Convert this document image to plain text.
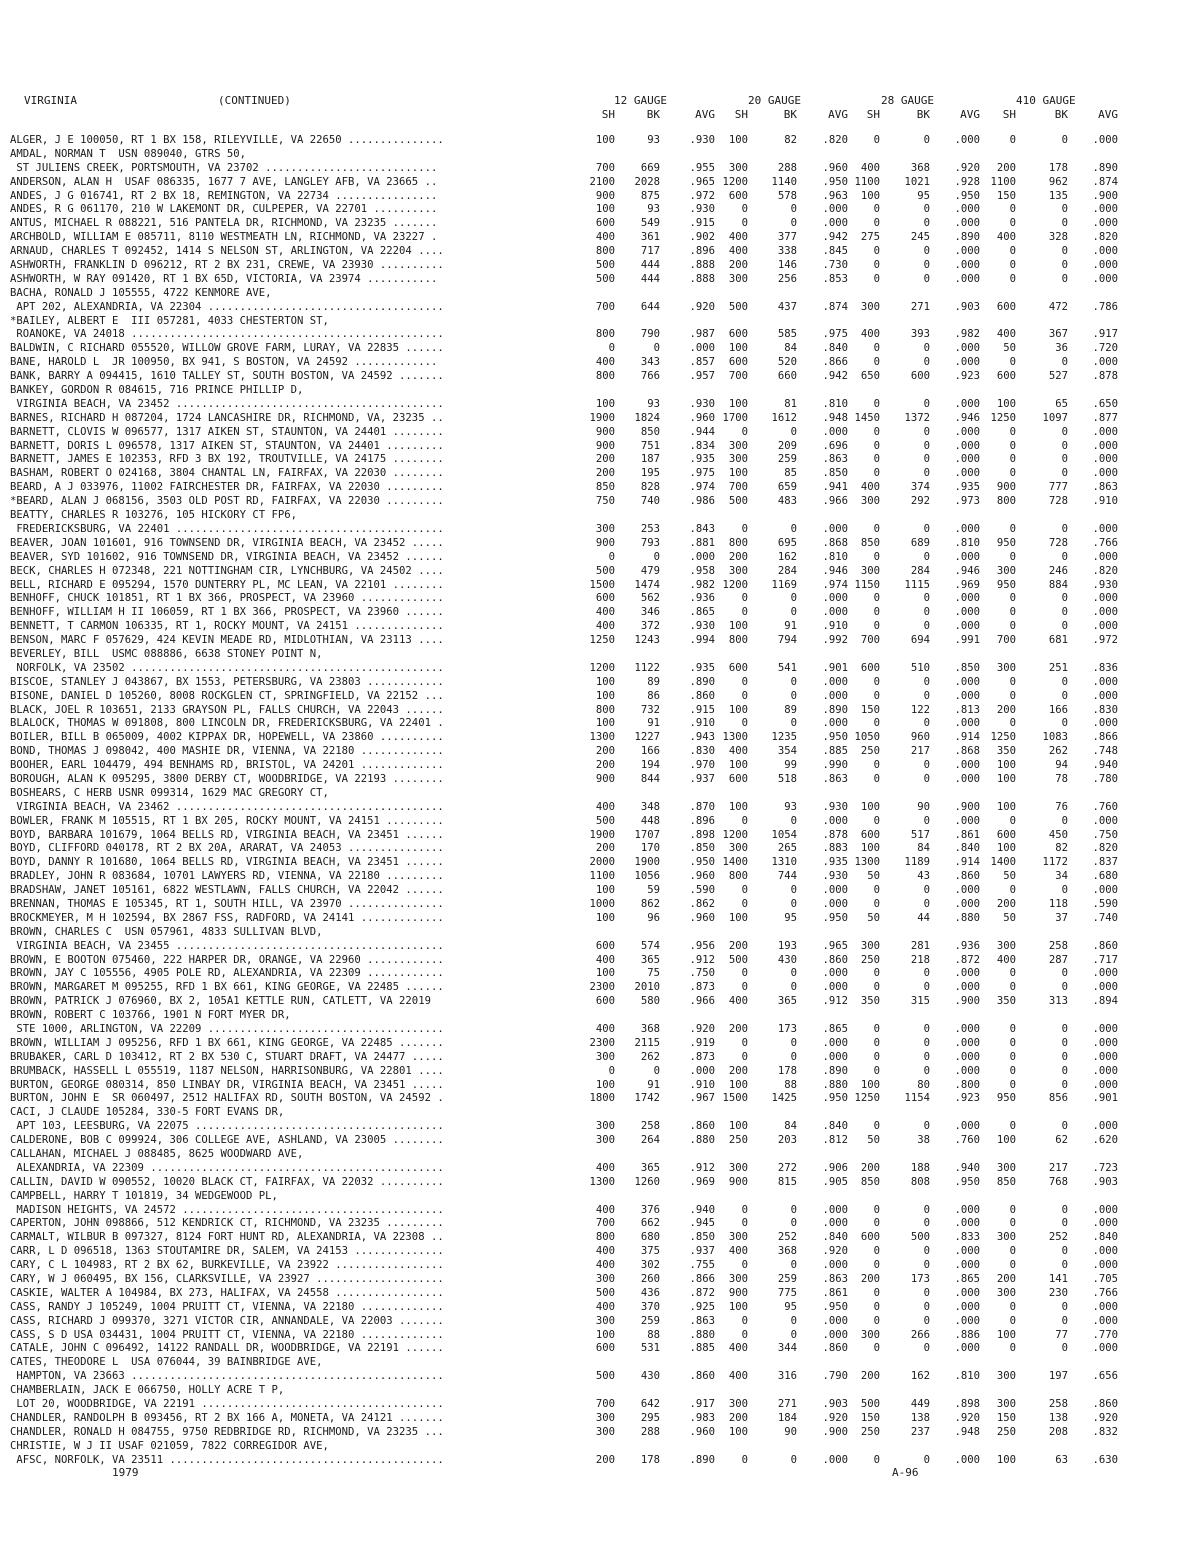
VIRGINIA	(CONTINUED)	12 GAUGE	20 GAUGE	28 GAUGE	410 GAUGE
SH	BK	AVG	SH	BK	AVG	SH	BK	AVG	SH	BK	AVG
ALGER, J E 100050, RT 1 BX 158, RILEYVILLE, VA 22650 ...............	100	93	.930	100	82	.820	0	0	.000	0	0	.000
AMDAL, NORMAN T  USN 089040, GTRS 50,
ST JULIENS CREEK, PORTSMOUTH, VA 23702 ...........................	700	669	.955	300	288	.960	400	368	.920	200	178	.890
ANDERSON, ALAN H  USAF 086335, 1677 7 AVE, LANGLEY AFB, VA 23665 ..	2100	2028	.965 1200	1140	.950 1100	1021	.928 1100	962	.874
ANDES, J G 016741, RT 2 BX 18, REMINGTON, VA 22734 ................	900	875	.972	600	578	.963	100	95	.950	150	135	.900
ANDES, R G 061170, 210 W LAKEMONT DR, CULPEPER, VA 22701 ..........	100	93	.930	0	0	.000	0	0	.000	0	0	.000
ANTUS, MICHAEL R 088221, 516 PANTELA DR, RICHMOND, VA 23235 .......	600	549	.915	0	0	.000	0	0	.000	0	0	.000
ARCHBOLD, WILLIAM E 085711, 8110 WESTMEATH LN, RICHMOND, VA 23227 .	400	361	.902	400	377	.942	275	245	.890	400	328	.820
ARNAUD, CHARLES T 092452, 1414 S NELSON ST, ARLINGTON, VA 22204 ....	800	717	.896	400	338	.845	0	0	.000	0	0	.000
ASHWORTH, FRANKLIN D 096212, RT 2 BX 231, CREWE, VA 23930 ..........	500	444	.888	200	146	.730	0	0	.000	0	0	.000
ASHWORTH, W RAY 091420, RT 1 BX 65D, VICTORIA, VA 23974 ...........	500	444	.888	300	256	.853	0	0	.000	0	0	.000
BACHA, RONALD J 105555, 4722 KENMORE AVE,
APT 202, ALEXANDRIA, VA 22304 .....................................	700	644	.920	500	437	.874	300	271	.903	600	472	.786
*BAILEY, ALBERT E  III 057281, 4033 CHESTERTON ST,
ROANOKE, VA 24018 .................................................	800	790	.987	600	585	.975	400	393	.982	400	367	.917
BALDWIN, C RICHARD 055520, WILLOW GROVE FARM, LURAY, VA 22835 ......	0	0	.000	100	84	.840	0	0	.000	50	36	.720
BANE, HAROLD L  JR 100950, BX 941, S BOSTON, VA 24592 .............	400	343	.857	600	520	.866	0	0	.000	0	0	.000
BANK, BARRY A 094415, 1610 TALLEY ST, SOUTH BOSTON, VA 24592 .......	800	766	.957	700	660	.942	650	600	.923	600	527	.878
BANKEY, GORDON R 084615, 716 PRINCE PHILLIP D,
VIRGINIA BEACH, VA 23452 ..........................................	100	93	.930	100	81	.810	0	0	.000	100	65	.650
BARNES, RICHARD H 087204, 1724 LANCASHIRE DR, RICHMOND, VA, 23235 ..	1900	1824	.960 1700	1612	.948 1450	1372	.946 1250	1097	.877
BARNETT, CLOVIS W 096577, 1317 AIKEN ST, STAUNTON, VA 24401 ........	900	850	.944	0	0	.000	0	0	.000	0	0	.000
BARNETT, DORIS L 096578, 1317 AIKEN ST, STAUNTON, VA 24401 .........	900	751	.834	300	209	.696	0	0	.000	0	0	.000
BARNETT, JAMES E 102353, RFD 3 BX 192, TROUTVILLE, VA 24175 ........	200	187	.935	300	259	.863	0	0	.000	0	0	.000
BASHAM, ROBERT O 024168, 3804 CHANTAL LN, FAIRFAX, VA 22030 ........	200	195	.975	100	85	.850	0	0	.000	0	0	.000
BEARD, A J 033976, 11002 FAIRCHESTER DR, FAIRFAX, VA 22030 .........	850	828	.974	700	659	.941	400	374	.935	900	777	.863
*BEARD, ALAN J 068156, 3503 OLD POST RD, FAIRFAX, VA 22030 .........	750	740	.986	500	483	.966	300	292	.973	800	728	.910
BEATTY, CHARLES R 103276, 105 HICKORY CT FP6,
FREDERICKSBURG, VA 22401 ..........................................	300	253	.843	0	0	.000	0	0	.000	0	0	.000
BEAVER, JOAN 101601, 916 TOWNSEND DR, VIRGINIA BEACH, VA 23452 .....	900	793	.881	800	695	.868	850	689	.810	950	728	.766
BEAVER, SYD 101602, 916 TOWNSEND DR, VIRGINIA BEACH, VA 23452 ......	0	0	.000	200	162	.810	0	0	.000	0	0	.000
BECK, CHARLES H 072348, 221 NOTTINGHAM CIR, LYNCHBURG, VA 24502 ....	500	479	.958	300	284	.946	300	284	.946	300	246	.820
BELL, RICHARD E 095294, 1570 DUNTERRY PL, MC LEAN, VA 22101 ........	1500	1474	.982 1200	1169	.974 1150	1115	.969	950	884	.930
BENHOFF, CHUCK 101851, RT 1 BX 366, PROSPECT, VA 23960 .............	600	562	.936	0	0	.000	0	0	.000	0	0	.000
BENHOFF, WILLIAM H II 106059, RT 1 BX 366, PROSPECT, VA 23960 ......	400	346	.865	0	0	.000	0	0	.000	0	0	.000
BENNETT, T CARMON 106335, RT 1, ROCKY MOUNT, VA 24151 ..............	400	372	.930	100	91	.910	0	0	.000	0	0	.000
BENSON, MARC F 057629, 424 KEVIN MEADE RD, MIDLOTHIAN, VA 23113 ....	1250	1243	.994	800	794	.992	700	694	.991	700	681	.972
BEVERLEY, BILL  USMC 088886, 6638 STONEY POINT N,
NORFOLK, VA 23502 .................................................	1200	1122	.935	600	541	.901	600	510	.850	300	251	.836
BISCOE, STANLEY J 043867, BX 1553, PETERSBURG, VA 23803 ............	100	89	.890	0	0	.000	0	0	.000	0	0	.000
BISONE, DANIEL D 105260, 8008 ROCKGLEN CT, SPRINGFIELD, VA 22152 ...	100	86	.860	0	0	.000	0	0	.000	0	0	.000
BLACK, JOEL R 103651, 2133 GRAYSON PL, FALLS CHURCH, VA 22043 ......	800	732	.915	100	89	.890	150	122	.813	200	166	.830
BLALOCK, THOMAS W 091808, 800 LINCOLN DR, FREDERICKSBURG, VA 22401 .	100	91	.910	0	0	.000	0	0	.000	0	0	.000
BOILER, BILL B 065009, 4002 KIPPAX DR, HOPEWELL, VA 23860 ..........	1300	1227	.943 1300	1235	.950 1050	960	.914 1250	1083	.866
BOND, THOMAS J 098042, 400 MASHIE DR, VIENNA, VA 22180 .............	200	166	.830	400	354	.885	250	217	.868	350	262	.748
BOOHER, EARL 104479, 494 BENHAMS RD, BRISTOL, VA 24201 .............	200	194	.970	100	99	.990	0	0	.000	100	94	.940
BOROUGH, ALAN K 095295, 3800 DERBY CT, WOODBRIDGE, VA 22193 ........	900	844	.937	600	518	.863	0	0	.000	100	78	.780
BOSHEARS, C HERB USNR 099314, 1629 MAC GREGORY CT,
VIRGINIA BEACH, VA 23462 ..........................................	400	348	.870	100	93	.930	100	90	.900	100	76	.760
BOWLER, FRANK M 105515, RT 1 BX 205, ROCKY MOUNT, VA 24151 .........	500	448	.896	0	0	.000	0	0	.000	0	0	.000
BOYD, BARBARA 101679, 1064 BELLS RD, VIRGINIA BEACH, VA 23451 ......	1900	1707	.898 1200	1054	.878	600	517	.861	600	450	.750
BOYD, CLIFFORD 040178, RT 2 BX 20A, ARARAT, VA 24053 ...............	200	170	.850	300	265	.883	100	84	.840	100	82	.820
BOYD, DANNY R 101680, 1064 BELLS RD, VIRGINIA BEACH, VA 23451 ......	2000	1900	.950 1400	1310	.935 1300	1189	.914 1400	1172	.837
BRADLEY, JOHN R 083684, 10701 LAWYERS RD, VIENNA, VA 22180 .........	1100	1056	.960	800	744	.930	50	43	.860	50	34	.680
BRADSHAW, JANET 105161, 6822 WESTLAWN, FALLS CHURCH, VA 22042 ......	100	59	.590	0	0	.000	0	0	.000	0	0	.000
BRENNAN, THOMAS E 105345, RT 1, SOUTH HILL, VA 23970 ...............	1000	862	.862	0	0	.000	0	0	.000	200	118	.590
BROCKMEYER, M H 102594, BX 2867 FSS, RADFORD, VA 24141 .............	100	96	.960	100	95	.950	50	44	.880	50	37	.740
BROWN, CHARLES C  USN 057961, 4833 SULLIVAN BLVD,
VIRGINIA BEACH, VA 23455 ..........................................	600	574	.956	200	193	.965	300	281	.936	300	258	.860
BROWN, E BOOTON 075460, 222 HARPER DR, ORANGE, VA 22960 ............	400	365	.912	500	430	.860	250	218	.872	400	287	.717
BROWN, JAY C 105556, 4905 POLE RD, ALEXANDRIA, VA 22309 ............	100	75	.750	0	0	.000	0	0	.000	0	0	.000
BROWN, MARGARET M 095255, RFD 1 BX 661, KING GEORGE, VA 22485 ......	2300	2010	.873	0	0	.000	0	0	.000	0	0	.000
BROWN, PATRICK J 076960, BX 2, 105A1 KETTLE RUN, CATLETT, VA 22019	600	580	.966	400	365	.912	350	315	.900	350	313	.894
BROWN, ROBERT C 103766, 1901 N FORT MYER DR,
STE 1000, ARLINGTON, VA 22209 .....................................	400	368	.920	200	173	.865	0	0	.000	0	0	.000
BROWN, WILLIAM J 095256, RFD 1 BX 661, KING GEORGE, VA 22485 .......	2300	2115	.919	0	0	.000	0	0	.000	0	0	.000
BRUBAKER, CARL D 103412, RT 2 BX 530 C, STUART DRAFT, VA 24477 .....	300	262	.873	0	0	.000	0	0	.000	0	0	.000
BRUMBACK, HASSELL L 055519, 1187 NELSON, HARRISONBURG, VA 22801 ....	0	0	.000	200	178	.890	0	0	.000	0	0	.000
BURTON, GEORGE 080314, 850 LINBAY DR, VIRGINIA BEACH, VA 23451 .....	100	91	.910	100	88	.880	100	80	.800	0	0	.000
BURTON, JOHN E  SR 060497, 2512 HALIFAX RD, SOUTH BOSTON, VA 24592 .	1800	1742	.967 1500	1425	.950 1250	1154	.923	950	856	.901
CACI, J CLAUDE 105284, 330-5 FORT EVANS DR,
APT 103, LEESBURG, VA 22075 .......................................	300	258	.860	100	84	.840	0	0	.000	0	0	.000
CALDERONE, BOB C 099924, 306 COLLEGE AVE, ASHLAND, VA 23005 ........	300	264	.880	250	203	.812	50	38	.760	100	62	.620
CALLAHAN, MICHAEL J 088485, 8625 WOODWARD AVE,
ALEXANDRIA, VA 22309 ..............................................	400	365	.912	300	272	.906	200	188	.940	300	217	.723
CALLIN, DAVID W 090552, 10020 BLACK CT, FAIRFAX, VA 22032 ..........	1300	1260	.969	900	815	.905	850	808	.950	850	768	.903
CAMPBELL, HARRY T 101819, 34 WEDGEWOOD PL,
MADISON HEIGHTS, VA 24572 .........................................	400	376	.940	0	0	.000	0	0	.000	0	0	.000
CAPERTON, JOHN 098866, 512 KENDRICK CT, RICHMOND, VA 23235 .........	700	662	.945	0	0	.000	0	0	.000	0	0	.000
CARMALT, WILBUR B 097327, 8124 FORT HUNT RD, ALEXANDRIA, VA 22308 ..	800	680	.850	300	252	.840	600	500	.833	300	252	.840
CARR, L D 096518, 1363 STOUTAMIRE DR, SALEM, VA 24153 ..............	400	375	.937	400	368	.920	0	0	.000	0	0	.000
CARY, C L 104983, RT 2 BX 62, BURKEVILLE, VA 23922 .................	400	302	.755	0	0	.000	0	0	.000	0	0	.000
CARY, W J 060495, BX 156, CLARKSVILLE, VA 23927 ....................	300	260	.866	300	259	.863	200	173	.865	200	141	.705
CASKIE, WALTER A 104984, BX 273, HALIFAX, VA 24558 .................	500	436	.872	900	775	.861	0	0	.000	300	230	.766
CASS, RANDY J 105249, 1004 PRUITT CT, VIENNA, VA 22180 .............	400	370	.925	100	95	.950	0	0	.000	0	0	.000
CASS, RICHARD J 099370, 3271 VICTOR CIR, ANNANDALE, VA 22003 .......	300	259	.863	0	0	.000	0	0	.000	0	0	.000
CASS, S D USA 034431, 1004 PRUITT CT, VIENNA, VA 22180 .............	100	88	.880	0	0	.000	300	266	.886	100	77	.770
CATALE, JOHN C 096492, 14122 RANDALL DR, WOODBRIDGE, VA 22191 ......	600	531	.885	400	344	.860	0	0	.000	0	0	.000
CATES, THEODORE L  USA 076044, 39 BAINBRIDGE AVE,
HAMPTON, VA 23663 .................................................	500	430	.860	400	316	.790	200	162	.810	300	197	.656
CHAMBERLAIN, JACK E 066750, HOLLY ACRE T P,
LOT 20, WOODBRIDGE, VA 22191 ......................................	700	642	.917	300	271	.903	500	449	.898	300	258	.860
CHANDLER, RANDOLPH B 093456, RT 2 BX 166 A, MONETA, VA 24121 .......	300	295	.983	200	184	.920	150	138	.920	150	138	.920
CHANDLER, RONALD H 084755, 9750 REDBRIDGE RD, RICHMOND, VA 23235 ...	300	288	.960	100	90	.900	250	237	.948	250	208	.832
CHRISTIE, W J II USAF 021059, 7822 CORREGIDOR AVE,
AFSC, NORFOLK, VA 23511 ...........................................	200	178	.890	0	0	.000	0	0	.000	100	63	.630
1979	A-96
